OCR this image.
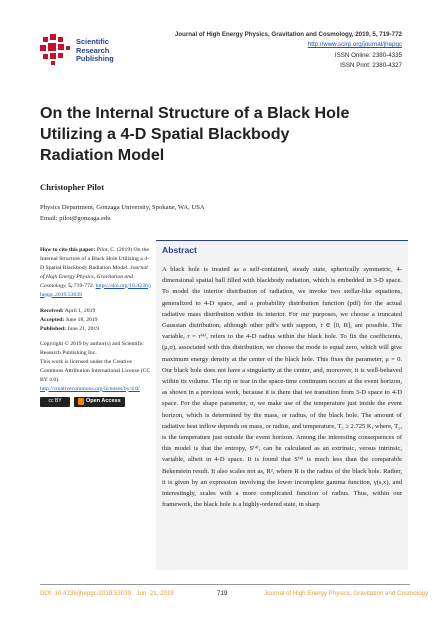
Scientific
Research
Publishing
Journal of High Energy Physics, Gravitation and Cosmology, 2019, 5, 719-772
http://www.scirp.org/journal/jhepgc
ISSN Online: 2380-4335
ISSN Print: 2380-4327
On the Internal Structure of a Black Hole
Utilizing a 4-D Spatial Blackbody
Radiation Model
Christopher Pilot
Physics Department, Gonzaga University, Spokane, WA, USA
Email: pilot@gonzaga.edu

How to cite this paper: Pilot, C. (2019) On the Internal Structure of a Black Hole Utilizing a 4-D Spatial Blackbody Radiation Model. Journal of High Energy Physics, Gravitation and Cosmology, 5, 719-772. https://doi.org/10.4236/jhepgc.2019.53039

Received: April 1, 2019

Accepted: June 18, 2019

Published: June 21, 2019

Copyright © 2019 by author(s) and Scientific Research Publishing Inc.

This work is licensed under the Creative Commons Attribution International License (CC BY 4.0).

http://creativecommons.org/licenses/by/4.0/

cc BY	Open Access
Abstract
A black hole is treated as a self-contained, steady state, spherically symmetric, 4-dimensional spatial ball filled with blackbody radiation, which is embedded in 3-D space. To model the interior distribution of radiation, we invoke two stellar-like equations, generalized to 4-D space, and a probability distribution function (pdf) for the actual radiative mass distribution within its interior. For our purposes, we choose a truncated Gaussian distribution, although other pdf's with support, r ∈ [0, R], are possible. The variable, r = r⁽⁴⁾, refers to the 4-D radius within the black hole. To fix the coefficients, (μ,σ), associated with this distribution, we choose the mode to equal zero, which will give maximum energy density at the center of the black hole. This fixes the parameter, μ = 0. Our black hole does not have a singularity at the center, and, moreover, it is well-behaved within its volume. The rip or tear in the space-time continuum occurs at the event horizon, as shown in a previous work, because it is there that we transition from 3-D space to 4-D space. For the shape parameter, σ, we make use of the temperature just inside the event horizon, which is determined by the mass, or radius, of the black hole. The amount of radiative heat inflow depends on mass, or radius, and temperature, T₂ ≥ 2.725 K, where, T₂, is the temperature just outside the event horizon. Among the interesting consequences of this model is that the entropy, S⁽⁴⁾, can be calculated as an extrinsic, versus intrinsic, variable, albeit in 4-D space. It is found that S⁽⁴⁾ is much less than the comparable Bekenstein result. It also scales not as, R², where R is the radius of the black hole. Rather, it is given by an expression involving the lower incomplete gamma function, γ(s,x), and interestingly, scales with a more complicated function of radius. Thus, within our framework, the black hole is a highly-ordered state, in sharp
DOI: 10.4236/jhepgc.2019.53039 Jun. 21, 2019	719	Journal of High Energy Physics, Gravitation and Cosmology
